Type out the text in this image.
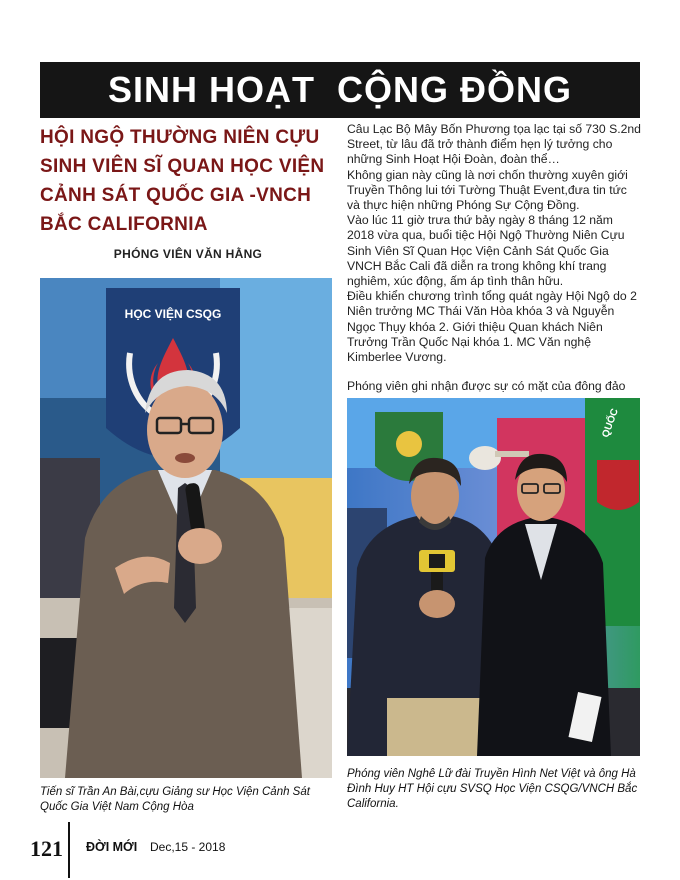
SINH HOẠT  CỘNG ĐỒNG
HỘI NGỘ THƯỜNG NIÊN CỰU SINH VIÊN SĨ QUAN HỌC VIỆN CẢNH SÁT QUỐC GIA -VNCH BẮC CALIFORNIA
PHÓNG VIÊN VĂN HẰNG
HỌC VIỆN CSQG
Tiến sĩ Trần An Bài,cựu Giảng sư Học Viện Cảnh Sát Quốc Gia Việt Nam Cộng Hòa

Câu Lạc Bộ Mây Bốn Phương tọa lạc tại số 730 S.2nd Street, từ lâu đã trở thành điểm hẹn lý tưởng cho những Sinh Hoạt Hội Đoàn, đoàn thể…

Không gian này cũng là nơi chốn thường xuyên giới Truyền Thông lui tới Tường Thuật Event,đưa tin tức và thực hiện những Phóng Sự Cộng Đồng.

Vào lúc 11 giờ trưa thứ bảy ngày 8 tháng 12 năm 2018 vừa qua, buổi tiệc Hội Ngộ Thường Niên Cựu Sinh Viên Sĩ Quan Học Viện Cảnh Sát Quốc Gia VNCH Bắc Cali đã diễn ra trong không khí trang nghiêm, xúc động, ấm áp tình thân hữu.

Điều khiển chương trình tổng quát ngày Hội Ngộ do 2 Niên trưởng MC Thái Văn Hòa khóa 3 và Nguyễn Ngọc Thụy khóa 2. Giới thiệu Quan khách Niên Trưởng Trần Quốc Nại khóa 1. MC Văn nghệ Kimberlee Vương.

Phóng viên ghi nhận được sự có mặt của đông đảo

QUỐC
Phóng viên Nghê Lữ đài Truyền Hình Net Việt và ông Hà Đình Huy HT Hội cựu SVSQ Học Viện CSQG/VNCH Bắc California.
121 ĐỜI MỚI Dec,15 - 2018
